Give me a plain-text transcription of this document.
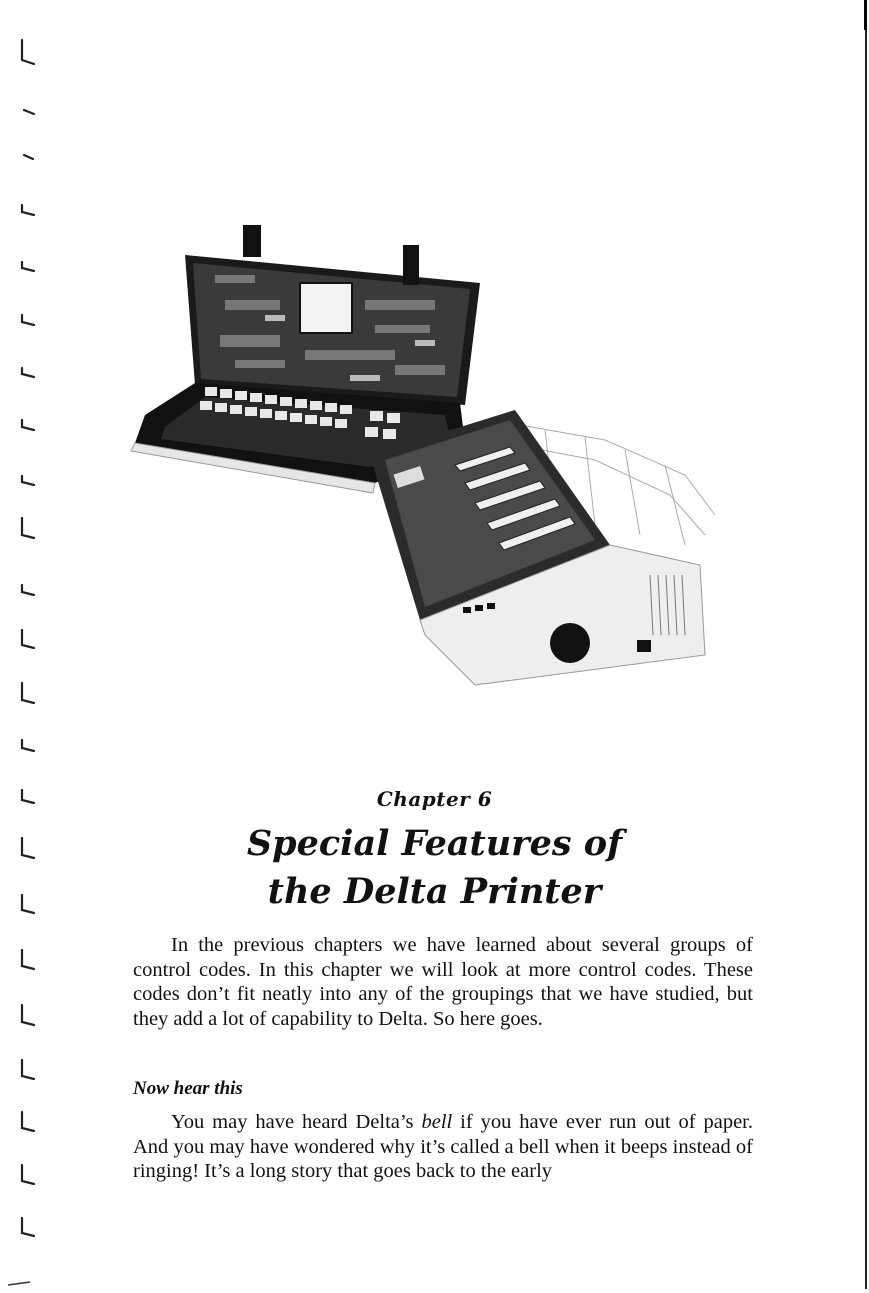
Chapter 6
Special Features of
the Delta Printer

In the previous chapters we have learned about several groups of control codes. In this chapter we will look at more control codes. These codes don’t fit neatly into any of the groupings that we have studied, but they add a lot of capability to Delta. So here goes.

Now hear this

You may have heard Delta’s bell if you have ever run out of paper. And you may have wondered why it’s called a bell when it beeps instead of ringing! It’s a long story that goes back to the early
